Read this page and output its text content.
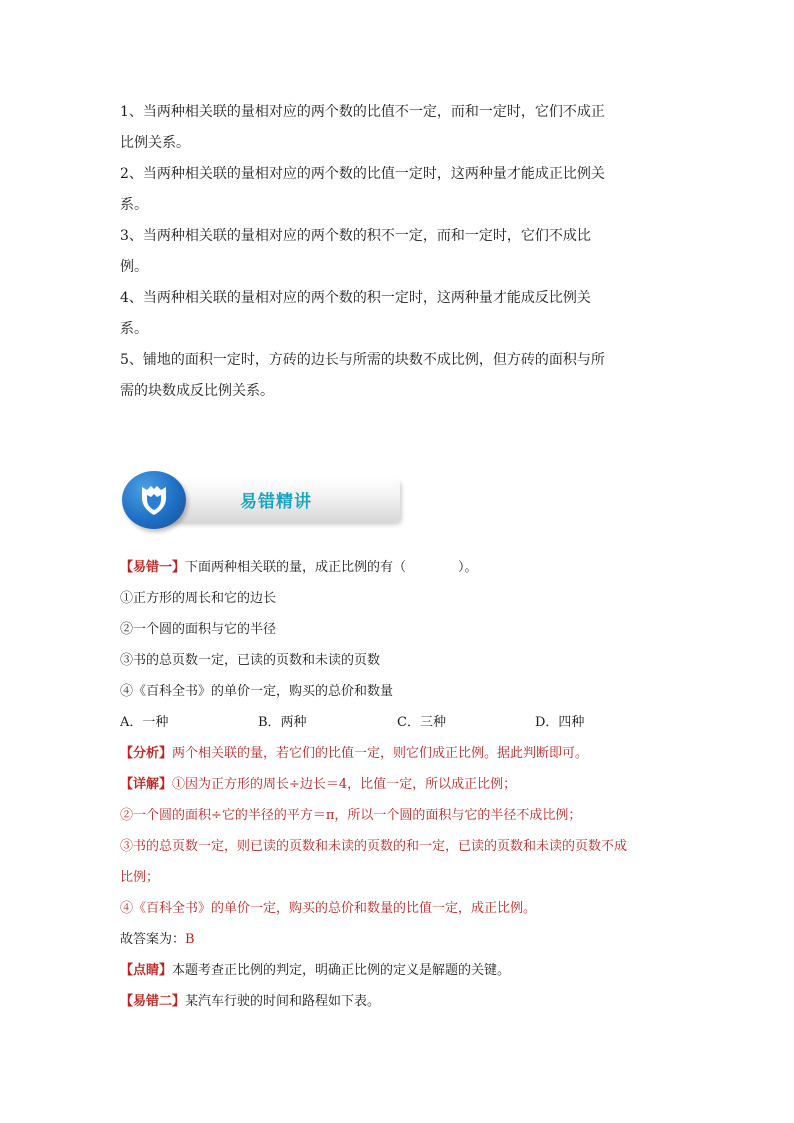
1、当两种相关联的量相对应的两个数的比值不一定，而和一定时，它们不成正

比例关系。

2、当两种相关联的量相对应的两个数的比值一定时，这两种量才能成正比例关

系。

3、当两种相关联的量相对应的两个数的积不一定，而和一定时，它们不成比

例。

4、当两种相关联的量相对应的两个数的积一定时，这两种量才能成反比例关

系。

5、铺地的面积一定时，方砖的边长与所需的块数不成比例，但方砖的面积与所

需的块数成反比例关系。

易错精讲
【易错一】下面两种相关联的量，成正比例的有（　　　　）。
①正方形的周长和它的边长
②一个圆的面积与它的半径
③书的总页数一定，已读的页数和未读的页数
④《百科全书》的单价一定，购买的总价和数量
A．一种	B．两种	C．三种	D．四种
【分析】两个相关联的量，若它们的比值一定，则它们成正比例。据此判断即可。
【详解】①因为正方形的周长÷边长＝4，比值一定，所以成正比例；
②一个圆的面积÷它的半径的平方＝π，所以一个圆的面积与它的半径不成比例；
③书的总页数一定，则已读的页数和未读的页数的和一定，已读的页数和未读的页数不成
比例；
④《百科全书》的单价一定，购买的总价和数量的比值一定，成正比例。
故答案为：B
【点睛】本题考查正比例的判定，明确正比例的定义是解题的关键。
【易错二】某汽车行驶的时间和路程如下表。
